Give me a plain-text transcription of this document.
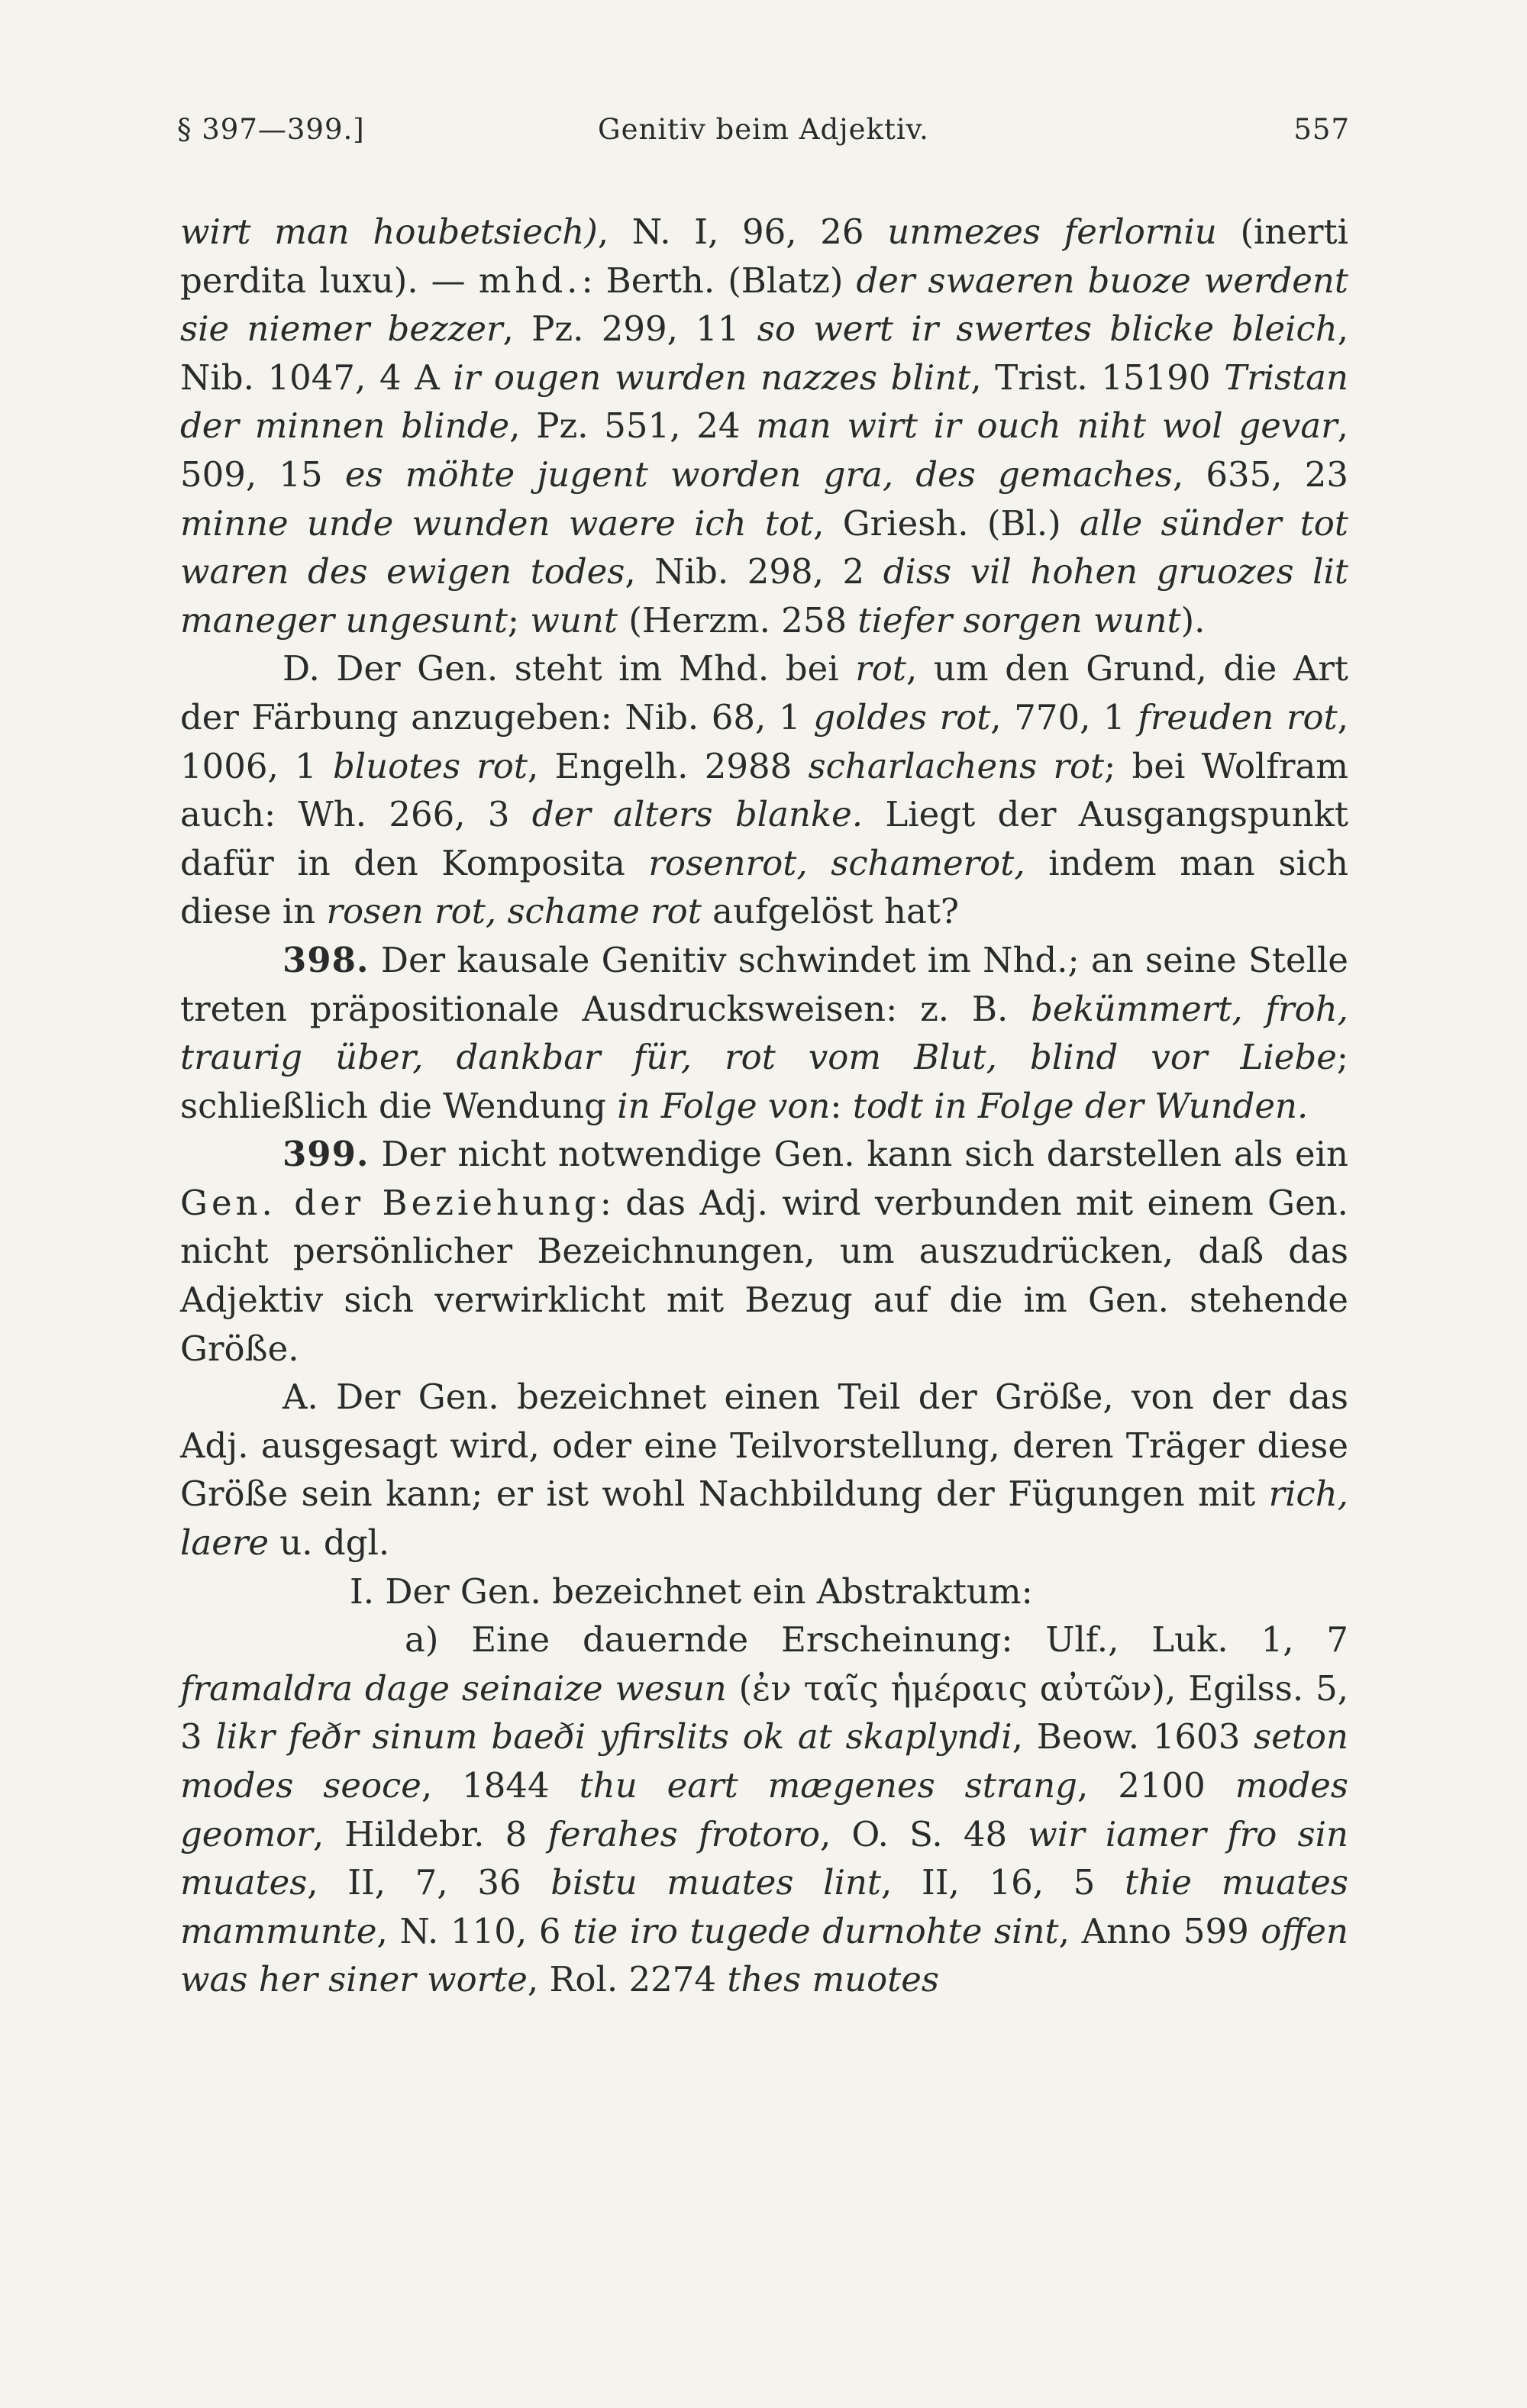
§ 397—399.]	Genitiv beim Adjektiv.	557

wirt man houbetsiech), N. I, 96, 26 unmezes ferlorniu (inerti perdita luxu). — mhd.: Berth. (Blatz) der swaeren buoze werdent sie niemer bezzer, Pz. 299, 11 so wert ir swertes blicke bleich, Nib. 1047, 4 A ir ougen wurden nazzes blint, Trist. 15190 Tristan der minnen blinde, Pz. 551, 24 man wirt ir ouch niht wol gevar, 509, 15 es möhte jugent worden gra, des gemaches, 635, 23 minne unde wunden waere ich tot, Griesh. (Bl.) alle sünder tot waren des ewigen todes, Nib. 298, 2 diss vil hohen gruozes lit maneger ungesunt; wunt (Herzm. 258 tiefer sorgen wunt).

D. Der Gen. steht im Mhd. bei rot, um den Grund, die Art der Färbung anzugeben: Nib. 68, 1 goldes rot, 770, 1 freuden rot, 1006, 1 bluotes rot, Engelh. 2988 scharlachens rot; bei Wolfram auch: Wh. 266, 3 der alters blanke. Liegt der Ausgangspunkt dafür in den Komposita rosenrot, schamerot, indem man sich diese in rosen rot, schame rot aufgelöst hat?

398. Der kausale Genitiv schwindet im Nhd.; an seine Stelle treten präpositionale Ausdrucksweisen: z. B. bekümmert, froh, traurig über, dankbar für, rot vom Blut, blind vor Liebe; schließlich die Wendung in Folge von: todt in Folge der Wunden.

399. Der nicht notwendige Gen. kann sich darstellen als ein Gen. der Beziehung: das Adj. wird verbunden mit einem Gen. nicht persönlicher Bezeichnungen, um auszudrücken, daß das Adjektiv sich verwirklicht mit Bezug auf die im Gen. stehende Größe.

A. Der Gen. bezeichnet einen Teil der Größe, von der das Adj. ausgesagt wird, oder eine Teilvorstellung, deren Träger diese Größe sein kann; er ist wohl Nachbildung der Fügungen mit rich, laere u. dgl.

I. Der Gen. bezeichnet ein Abstraktum:

a) Eine dauernde Erscheinung: Ulf., Luk. 1, 7 framaldra dage seinaize wesun (ἐν ταῖς ἡμέραις αὐτῶν), Egilss. 5, 3 likr feðr sinum baeði yfirslits ok at skaplyndi, Beow. 1603 seton modes seoce, 1844 thu eart mægenes strang, 2100 modes geomor, Hildebr. 8 ferahes frotoro, O. S. 48 wir iamer fro sin muates, II, 7, 36 bistu muates lint, II, 16, 5 thie muates mammunte, N. 110, 6 tie iro tugede durnohte sint, Anno 599 offen was her siner worte, Rol. 2274 thes muotes
